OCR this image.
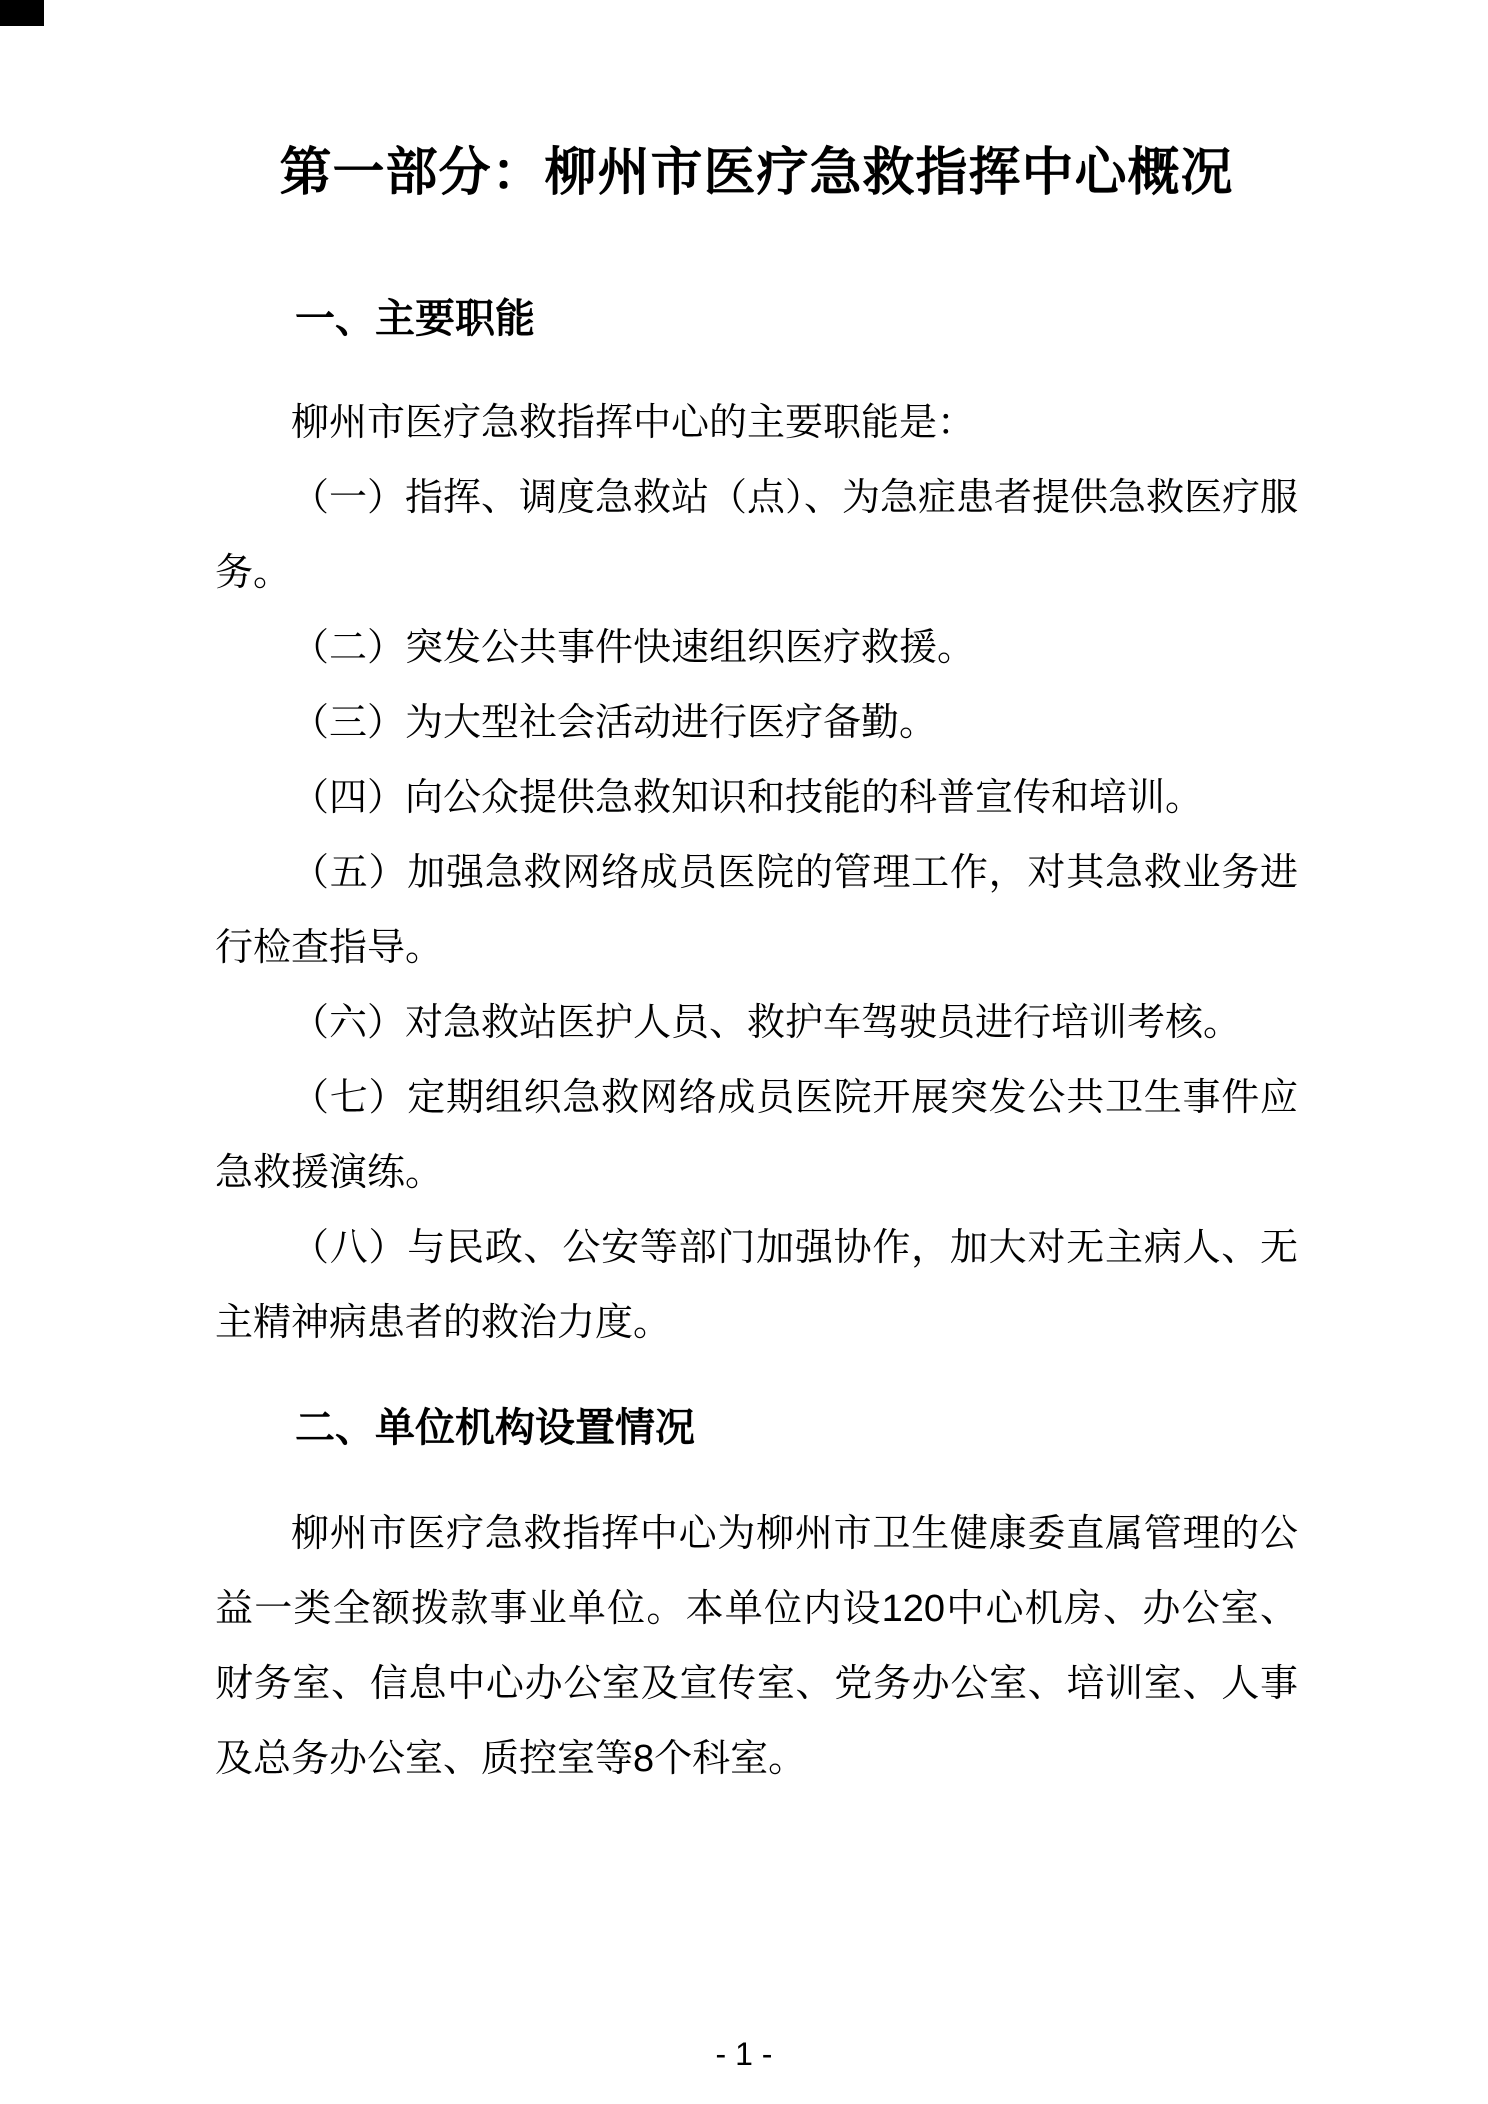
第一部分：柳州市医疗急救指挥中心概况
一、主要职能

柳州市医疗急救指挥中心的主要职能是：

（一）指挥、调度急救站（点）、为急症患者提供急救医疗服务。

（二）突发公共事件快速组织医疗救援。

（三）为大型社会活动进行医疗备勤。

（四）向公众提供急救知识和技能的科普宣传和培训。

（五）加强急救网络成员医院的管理工作，对其急救业务进行检查指导。

（六）对急救站医护人员、救护车驾驶员进行培训考核。

（七）定期组织急救网络成员医院开展突发公共卫生事件应急救援演练。

（八）与民政、公安等部门加强协作，加大对无主病人、无主精神病患者的救治力度。

二、单位机构设置情况

柳州市医疗急救指挥中心为柳州市卫生健康委直属管理的公益一类全额拨款事业单位。本单位内设120中心机房、办公室、财务室、信息中心办公室及宣传室、党务办公室、培训室、人事及总务办公室、质控室等8个科室。

- 1 -
